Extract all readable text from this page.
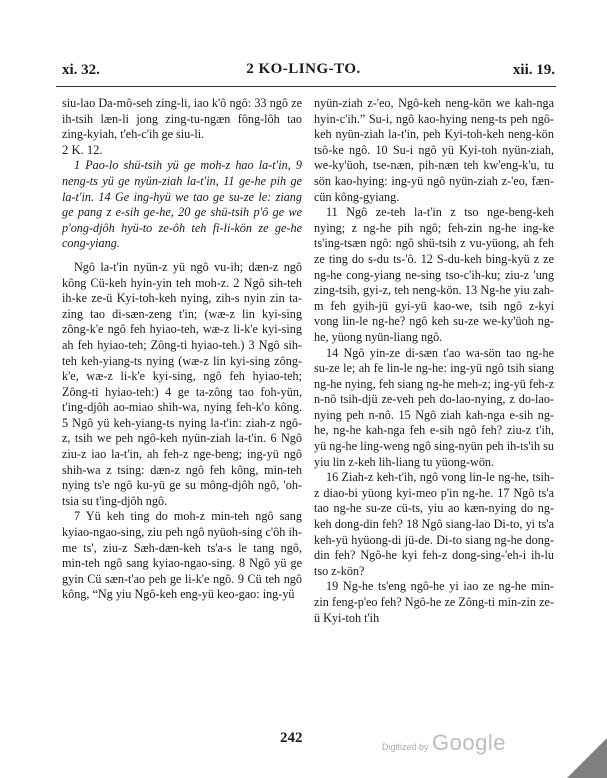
xi. 32.	2 KO-LING-TO.	xii. 19.

siu-lao Da-mô-seh zing-li, iao k'ô ngô: 33 ngô ze ih-tsih læn-li jong zing-tu-ngæn fông-lôh tao zing-kyiah, t'eh-c'ih ge siu-li.

2 K. 12.

1 Pao-lo shü-tsih yü ge moh-z hao la-t'in, 9 neng-ts yü ge nyün-ziah la-t'in, 11 ge-he pih ge la-t'in. 14 Ge ing-hyü we tao ge su-ze le: ziang ge pang z e-sih ge-he, 20 ge shü-tsih p'ô ge we p'ong-djôh hyü-to ze-ôh teh fi-li-kön ze ge-he cong-yiang.

Ngô la-t'in nyün-z yü ngô vu-ih; dæn-z ngô kông Cü-keh hyin-yin teh moh-z. 2 Ngô sih-teh ih-ke ze-ü Kyi-toh-keh nying, zih-s nyin zin ta-zing tao di-sæn-zeng t'in; (wæ-z lin kyi-sing zông-k'e ngô feh hyiao-teh, wæ-z li-k'e kyi-sing ah feh hyiao-teh; Zông-ti hyiao-teh.) 3 Ngô sih-teh keh-yiang-ts nying (wæ-z lin kyi-sing zông-k'e, wæ-z li-k'e kyi-sing, ngô feh hyiao-teh; Zông-ti hyiao-teh:) 4 ge ta-zông tao foh-yün, t'ing-djôh ao-miao shih-wa, nying feh-k'o kông. 5 Ngô yü keh-yiang-ts nying la-t'in: ziah-z ngô-z, tsih we peh ngô-keh nyün-ziah la-t'in. 6 Ngô ziu-z iao la-t'in, ah feh-z nge-beng; ing-yü ngô shih-wa z tsing: dæn-z ngô feh kông, min-teh nying ts'e ngô ku-yü ge su mông-djôh ngô, 'oh-tsia su t'ing-djôh ngô.

7 Yü keh ting do moh-z min-teh ngô sang kyiao-ngao-sing, ziu peh ngô nyüoh-sing c'ôh ih-me ts', ziu-z Sæh-dæn-keh ts'a-s le tang ngô, min-teh ngô sang kyiao-ngao-sing. 8 Ngô yü ge gyin Cü sæn-t'ao peh ge li-k'e ngô. 9 Cü teh ngô kông, “Ng yiu Ngô-keh eng-yü keo-gao: ing-yü

nyün-ziah z-'eo, Ngô-keh neng-kön we kah-nga hyin-c'ih.” Su-i, ngô kao-hying neng-ts peh ngô-keh nyün-ziah la-t'in, peh Kyi-toh-keh neng-kön tsô-ke ngô. 10 Su-i ngô yü Kyi-toh nyün-ziah, we-ky'üoh, tse-næn, pih-næn teh kw'eng-k'u, tu sön kao-hying: ing-yü ngô nyün-ziah z-'eo, fæn-cün kông-gyiang.

11 Ngô ze-teh la-t'in z tso nge-beng-keh nying; z ng-he pih ngô; feh-zin ng-he ing-ke ts'ing-tsæn ngô: ngô shü-tsih z vu-yüong, ah feh ze ting do s-du ts-'ô. 12 S-du-keh bing-kyü z ze ng-he cong-yiang ne-sing tso-c'ih-ku; ziu-z 'ung zing-tsih, gyi-z, teh neng-kön. 13 Ng-he yiu zah-m feh gyih-jü gyi-yü kao-we, tsih ngô z-kyi vong lin-le ng-he? ngô keh su-ze we-ky'üoh ng-he, yüong nyün-liang ngô.

14 Ngô yin-ze di-sæn t'ao wa-sön tao ng-he su-ze le; ah fe lin-le ng-he: ing-yü ngô tsih siang ng-he nying, feh siang ng-he meh-z; ing-yü feh-z n-nô tsih-djü ze-veh peh do-lao-nying, z do-lao-nying peh n-nô. 15 Ngô ziah kah-nga e-sih ng-he, ng-he kah-nga feh e-sih ngô feh? ziu-z t'ih, yü ng-he ling-weng ngô sing-nyün peh ih-ts'ih su yiu lin z-keh lih-liang tu yüong-wön.

16 Ziah-z keh-t'ih, ngô vong lin-le ng-he, tsih-z diao-bi yüong kyi-meo p'in ng-he. 17 Ngô ts'a tao ng-he su-ze cü-ts, yiu ao kæn-nying do ng-keh dong-din feh? 18 Ngô siang-lao Di-to, yi ts'a keh-yü hyüong-di jü-de. Di-to siang ng-he dong-din feh? Ngô-he kyi feh-z dong-sing-'eh-i ih-lu tso z-kön?

19 Ng-he ts'eng ngô-he yi iao ze ng-he min-zin feng-p'eo feh? Ngô-he ze Zông-ti min-zin ze-ü Kyi-toh t'ih

242
Digitized by Google
